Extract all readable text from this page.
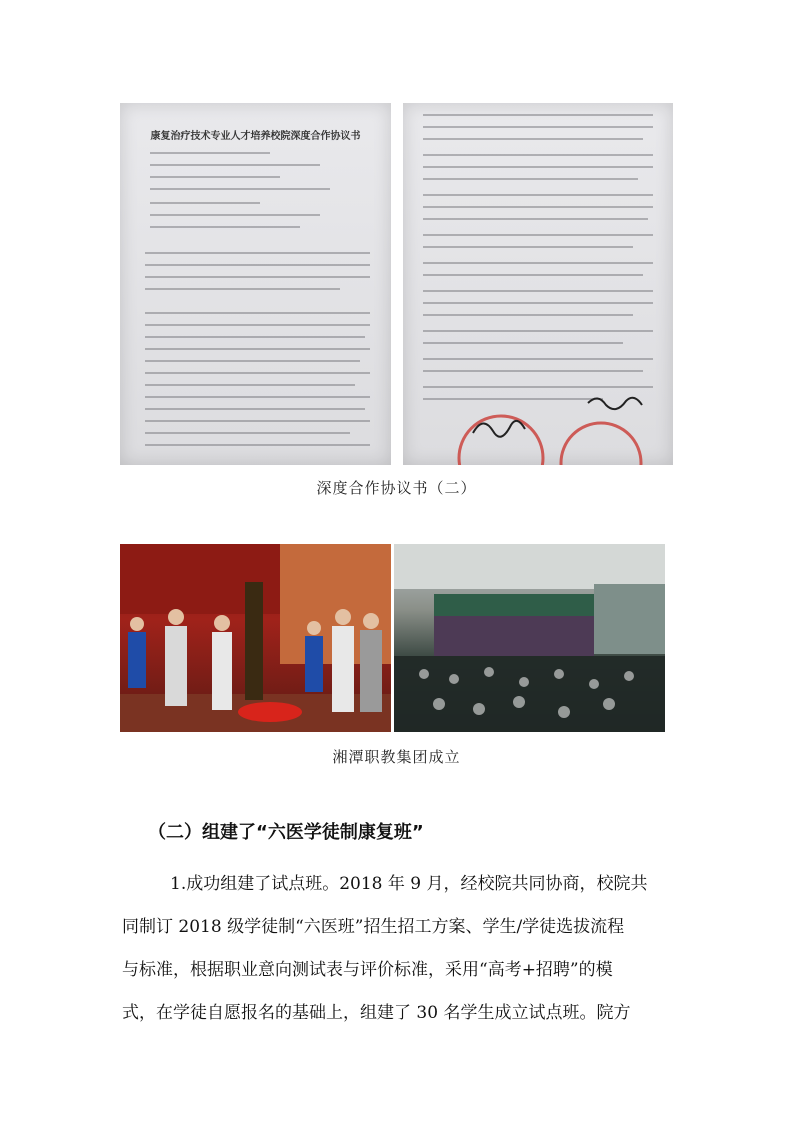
康复治疗技术专业人才培养校院深度合作协议书
深度合作协议书（二）
湘潭职教集团成立
（二）组建了“六医学徒制康复班”
1.成功组建了试点班。2018 年 9 月，经校院共同协商，校院共
同制订 2018 级学徒制“六医班”招生招工方案、学生/学徒选拔流程
与标准，根据职业意向测试表与评价标准，采用“高考+招聘”的模
式，在学徒自愿报名的基础上，组建了 30 名学生成立试点班。院方
